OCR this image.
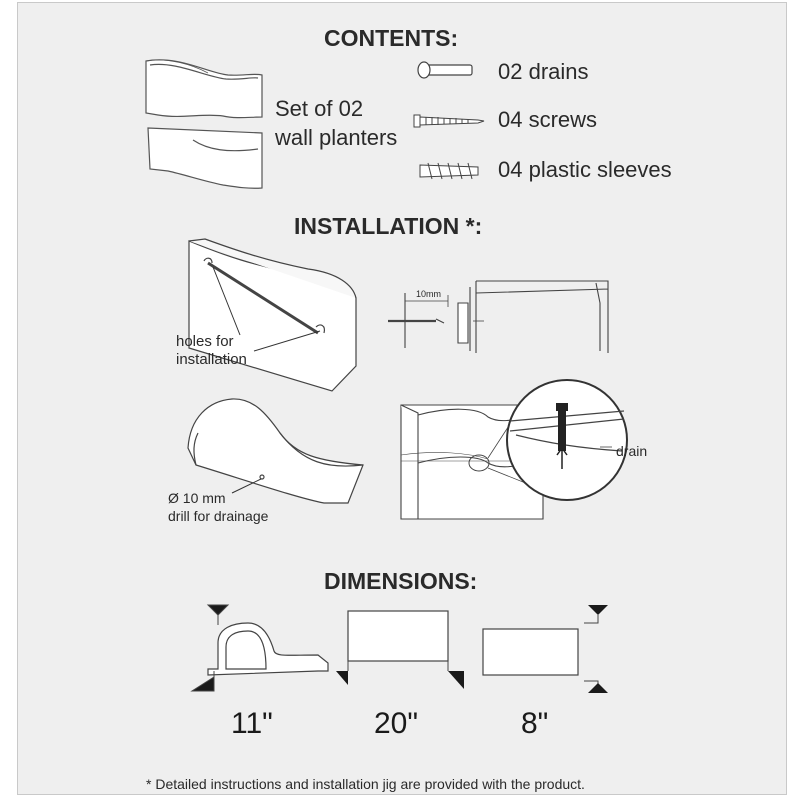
CONTENTS:
Set of 02
wall planters
02 drains
04 screws
04 plastic sleeves
INSTALLATION *:
holes for
installation
10mm
Ø 10 mm
drill for drainage
drain
DIMENSIONS:
11"	20"	8"
* Detailed instructions and installation jig are provided with the product.
